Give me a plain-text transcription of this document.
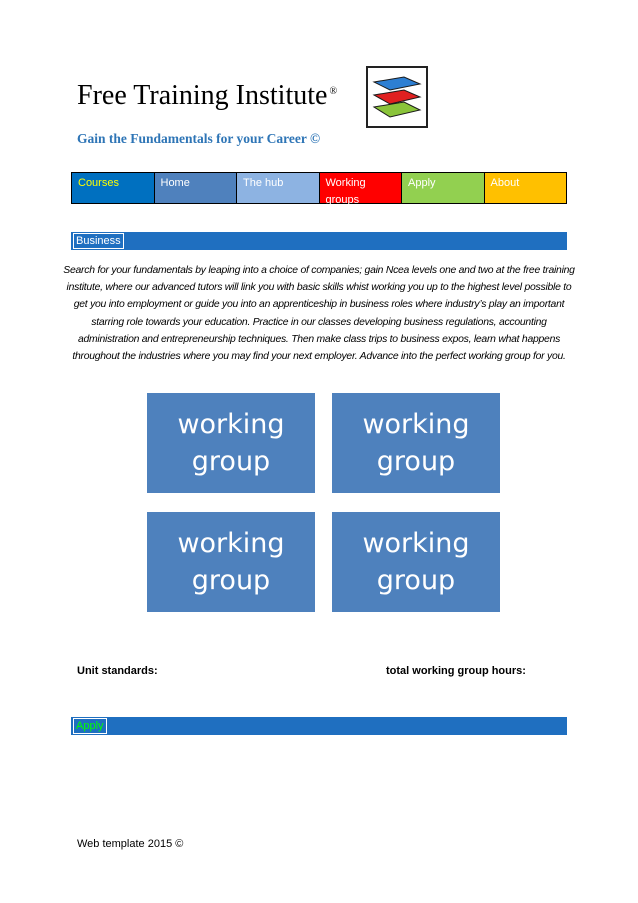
Free Training Institute ®
Gain the Fundamentals for your Career ©
Courses	Home	The hub	Working groups
Apply	About
Business
Search for your fundamentals by leaping into a choice of companies; gain Ncea levels one and two at the free training institute, where our advanced tutors will link you with basic skills whist working you up to the highest level possible to get you into employment or guide you into an apprenticeship in business roles where industry’s play an important starring role towards your education. Practice in our classes developing business regulations, accounting administration and entrepreneurship techniques. Then make class trips to business expos, learn what happens throughout the industries where you may find your next employer. Advance into the perfect working group for you.
working group
working group
working group
working group
Unit standards:	total working group hours:
Apply
Web template 2015 ©
